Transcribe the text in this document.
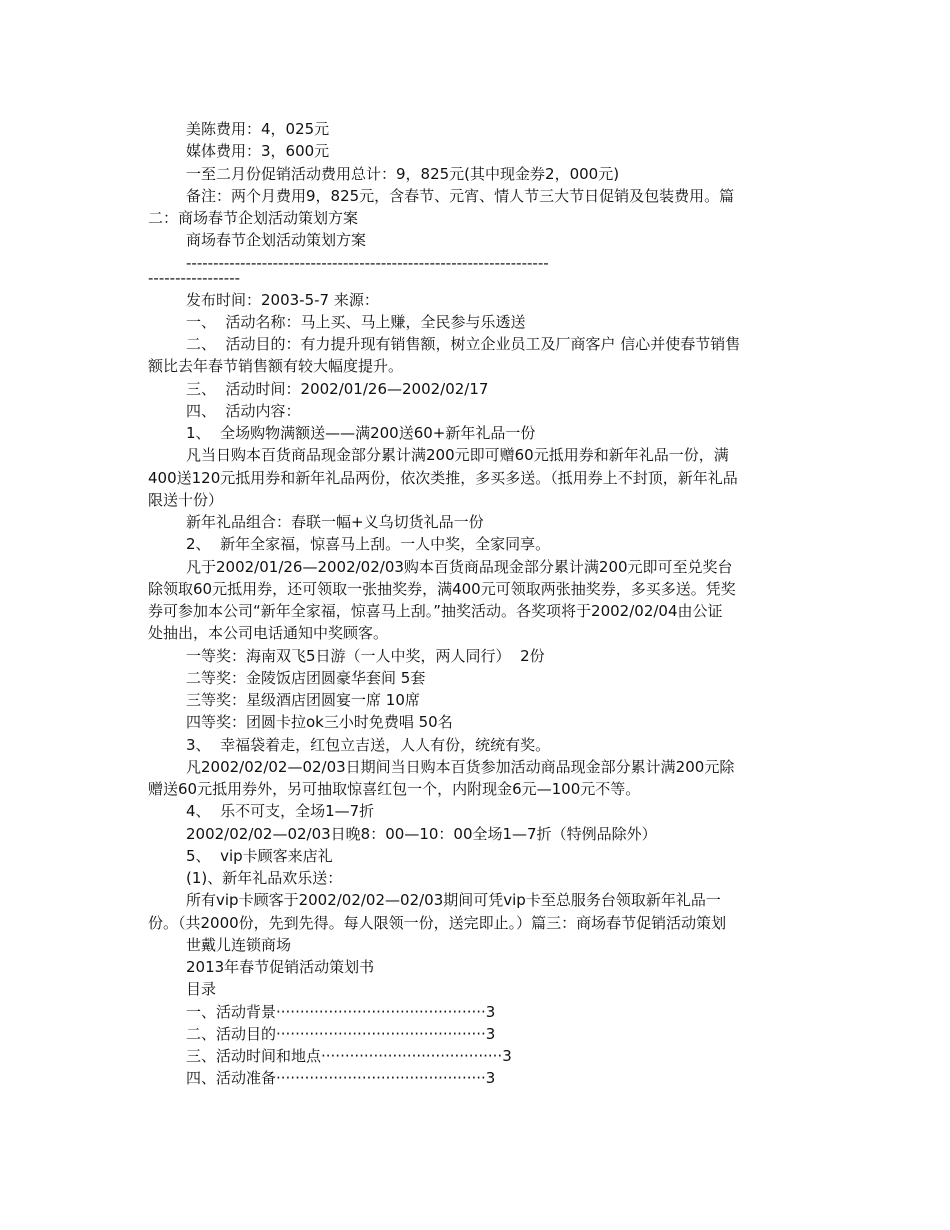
美陈费用：4，025元
媒体费用：3，600元
一至二月份促销活动费用总计：9，825元(其中现金券2，000元)
备注：两个月费用9，825元，含春节、元宵、情人节三大节日促销及包装费用。篇
二：商场春节企划活动策划方案
商场春节企划活动策划方案
-------------------------------------------------------------------
-----------------
发布时间：2003-5-7 来源：
一、  活动名称：马上买、马上赚，全民参与乐透送
二、  活动目的：有力提升现有销售额，树立企业员工及厂商客户 信心并使春节销售
额比去年春节销售额有较大幅度提升。
三、  活动时间：2002/01/26—2002/02/17
四、  活动内容：
1、  全场购物满额送——满200送60+新年礼品一份
凡当日购本百货商品现金部分累计满200元即可赠60元抵用券和新年礼品一份，满
400送120元抵用券和新年礼品两份，依次类推，多买多送。（抵用券上不封顶，新年礼品
限送十份）
新年礼品组合：春联一幅+义乌切货礼品一份
2、  新年全家福，惊喜马上刮。一人中奖，全家同享。
凡于2002/01/26—2002/02/03购本百货商品现金部分累计满200元即可至兑奖台
除领取60元抵用券，还可领取一张抽奖券，满400元可领取两张抽奖券，多买多送。凭奖
券可参加本公司“新年全家福，惊喜马上刮。”抽奖活动。各奖项将于2002/02/04由公证
处抽出，本公司电话通知中奖顾客。
一等奖：海南双飞5日游（一人中奖，两人同行）  2份
二等奖：金陵饭店团圆豪华套间 5套
三等奖：星级酒店团圆宴一席 10席
四等奖：团圆卡拉ok三小时免费唱 50名
3、  幸福袋着走，红包立吉送，人人有份，统统有奖。
凡2002/02/02—02/03日期间当日购本百货参加活动商品现金部分累计满200元除
赠送60元抵用券外，另可抽取惊喜红包一个，内附现金6元—100元不等。
4、  乐不可支，全场1—7折
2002/02/02—02/03日晚8：00—10：00全场1—7折（特例品除外）
5、  vip卡顾客来店礼
(1)、新年礼品欢乐送：
所有vip卡顾客于2002/02/02—02/03期间可凭vip卡至总服务台领取新年礼品一
份。（共2000份，先到先得。每人限领一份，送完即止。）篇三：商场春节促销活动策划
世戴儿连锁商场
2013年春节促销活动策划书
目录
一、活动背景············································3
二、活动目的············································3
三、活动时间和地点······································3
四、活动准备············································3
